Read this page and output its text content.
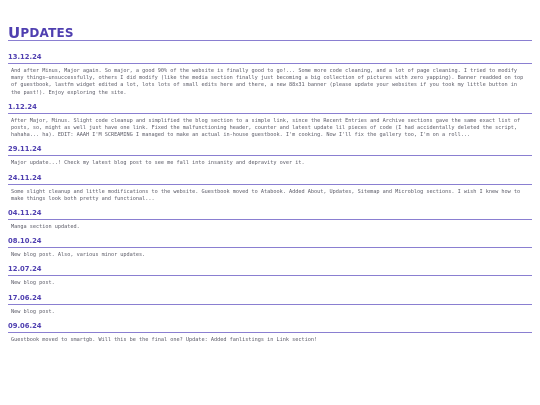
UPDATES
13.12.24
And after Minus, Major again. So major, a good 90% of the website is finally good to go!... Some more code cleaning, and a lot of page cleaning. I tried to modify many things—unsuccessfully, others I did modify (like the media section finally just becoming a big collection of pictures with zero yapping). Banner readded on top of guestbook, lastfm widget edited a lot, lots lots of small edits here and there, a new 88x31 banner (please update your websites if you took my little button in the past!). Enjoy exploring the site.
1.12.24
After Major, Minus. Slight code cleanup and simplified the blog section to a simple link, since the Recent Entries and Archive sections gave the same exact list of posts, so, might as well just have one link. Fixed the malfunctioning header, counter and latest update lil pieces of code (I had accidentally deleted the script, hahaha... ha). EDIT: AAAH I'M SCREAMING I managed to make an actual in-house guestbook. I'm cooking. Now I'll fix the gallery too, I'm on a roll...
29.11.24
Major update...! Check my latest blog post to see me fall into insanity and depravity over it.
24.11.24
Some slight cleanup and little modifications to the website. Guestbook moved to Atabook. Added About, Updates, Sitemap and Microblog sections. I wish I knew how to make things look both pretty and functional...
04.11.24
Manga section updated.
08.10.24
New blog post. Also, various minor updates.
12.07.24
New blog post.
17.06.24
New blog post.
09.06.24
Guestbook moved to smartgb. Will this be the final one? Update: Added fanlistings in Link section!
